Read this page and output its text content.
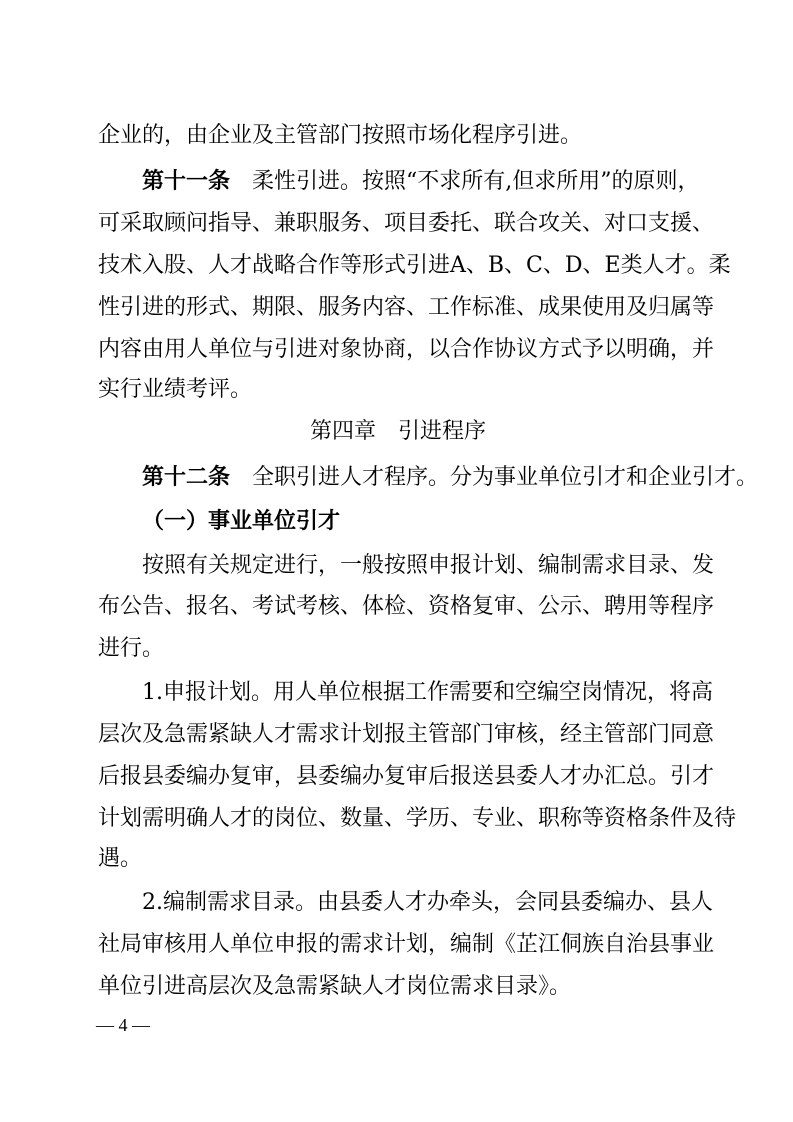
企业的，由企业及主管部门按照市场化程序引进。
第十一条  柔性引进。按照“不求所有,但求所用”的原则，
可采取顾问指导、兼职服务、项目委托、联合攻关、对口支援、
技术入股、人才战略合作等形式引进A、B、C、D、E类人才。柔
性引进的形式、期限、服务内容、工作标准、成果使用及归属等
内容由用人单位与引进对象协商，以合作协议方式予以明确，并
实行业绩考评。
第四章　引进程序
第十二条  全职引进人才程序。分为事业单位引才和企业引才。
（一）事业单位引才
按照有关规定进行，一般按照申报计划、编制需求目录、发
布公告、报名、考试考核、体检、资格复审、公示、聘用等程序
进行。
1.申报计划。用人单位根据工作需要和空编空岗情况，将高
层次及急需紧缺人才需求计划报主管部门审核，经主管部门同意
后报县委编办复审，县委编办复审后报送县委人才办汇总。引才
计划需明确人才的岗位、数量、学历、专业、职称等资格条件及待
遇。
2.编制需求目录。由县委人才办牵头，会同县委编办、县人
社局审核用人单位申报的需求计划，编制《芷江侗族自治县事业
单位引进高层次及急需紧缺人才岗位需求目录》。
— 4 —
